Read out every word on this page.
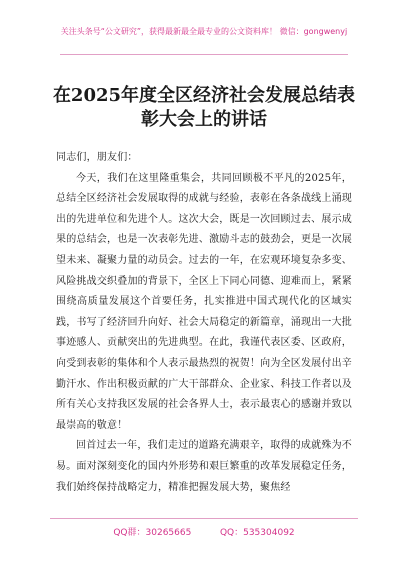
关注头条号“公文研究”，获得最新最全最专业的公文资料库！ 微信：gongwenyj
在2025年度全区经济社会发展总结表彰大会上的讲话

同志们，朋友们：

今天，我们在这里隆重集会，共同回顾极不平凡的2025年，总结全区经济社会发展取得的成就与经验，表彰在各条战线上涌现出的先进单位和先进个人。这次大会，既是一次回顾过去、展示成果的总结会，也是一次表彰先进、激励斗志的鼓劲会，更是一次展望未来、凝聚力量的动员会。过去的一年，在宏观环境复杂多变、风险挑战交织叠加的背景下，全区上下同心同德、迎难而上，紧紧围绕高质量发展这个首要任务，扎实推进中国式现代化的区域实践，书写了经济回升向好、社会大局稳定的新篇章，涌现出一大批事迹感人、贡献突出的先进典型。在此，我谨代表区委、区政府，向受到表彰的集体和个人表示最热烈的祝贺！向为全区发展付出辛勤汗水、作出积极贡献的广大干部群众、企业家、科技工作者以及所有关心支持我区发展的社会各界人士，表示最衷心的感谢并致以最崇高的敬意！

回首过去一年，我们走过的道路充满艰辛，取得的成就殊为不易。面对深刻变化的国内外形势和艰巨繁重的改革发展稳定任务，我们始终保持战略定力，精准把握发展大势，聚焦经

QQ群：30265665	QQ：535304092
